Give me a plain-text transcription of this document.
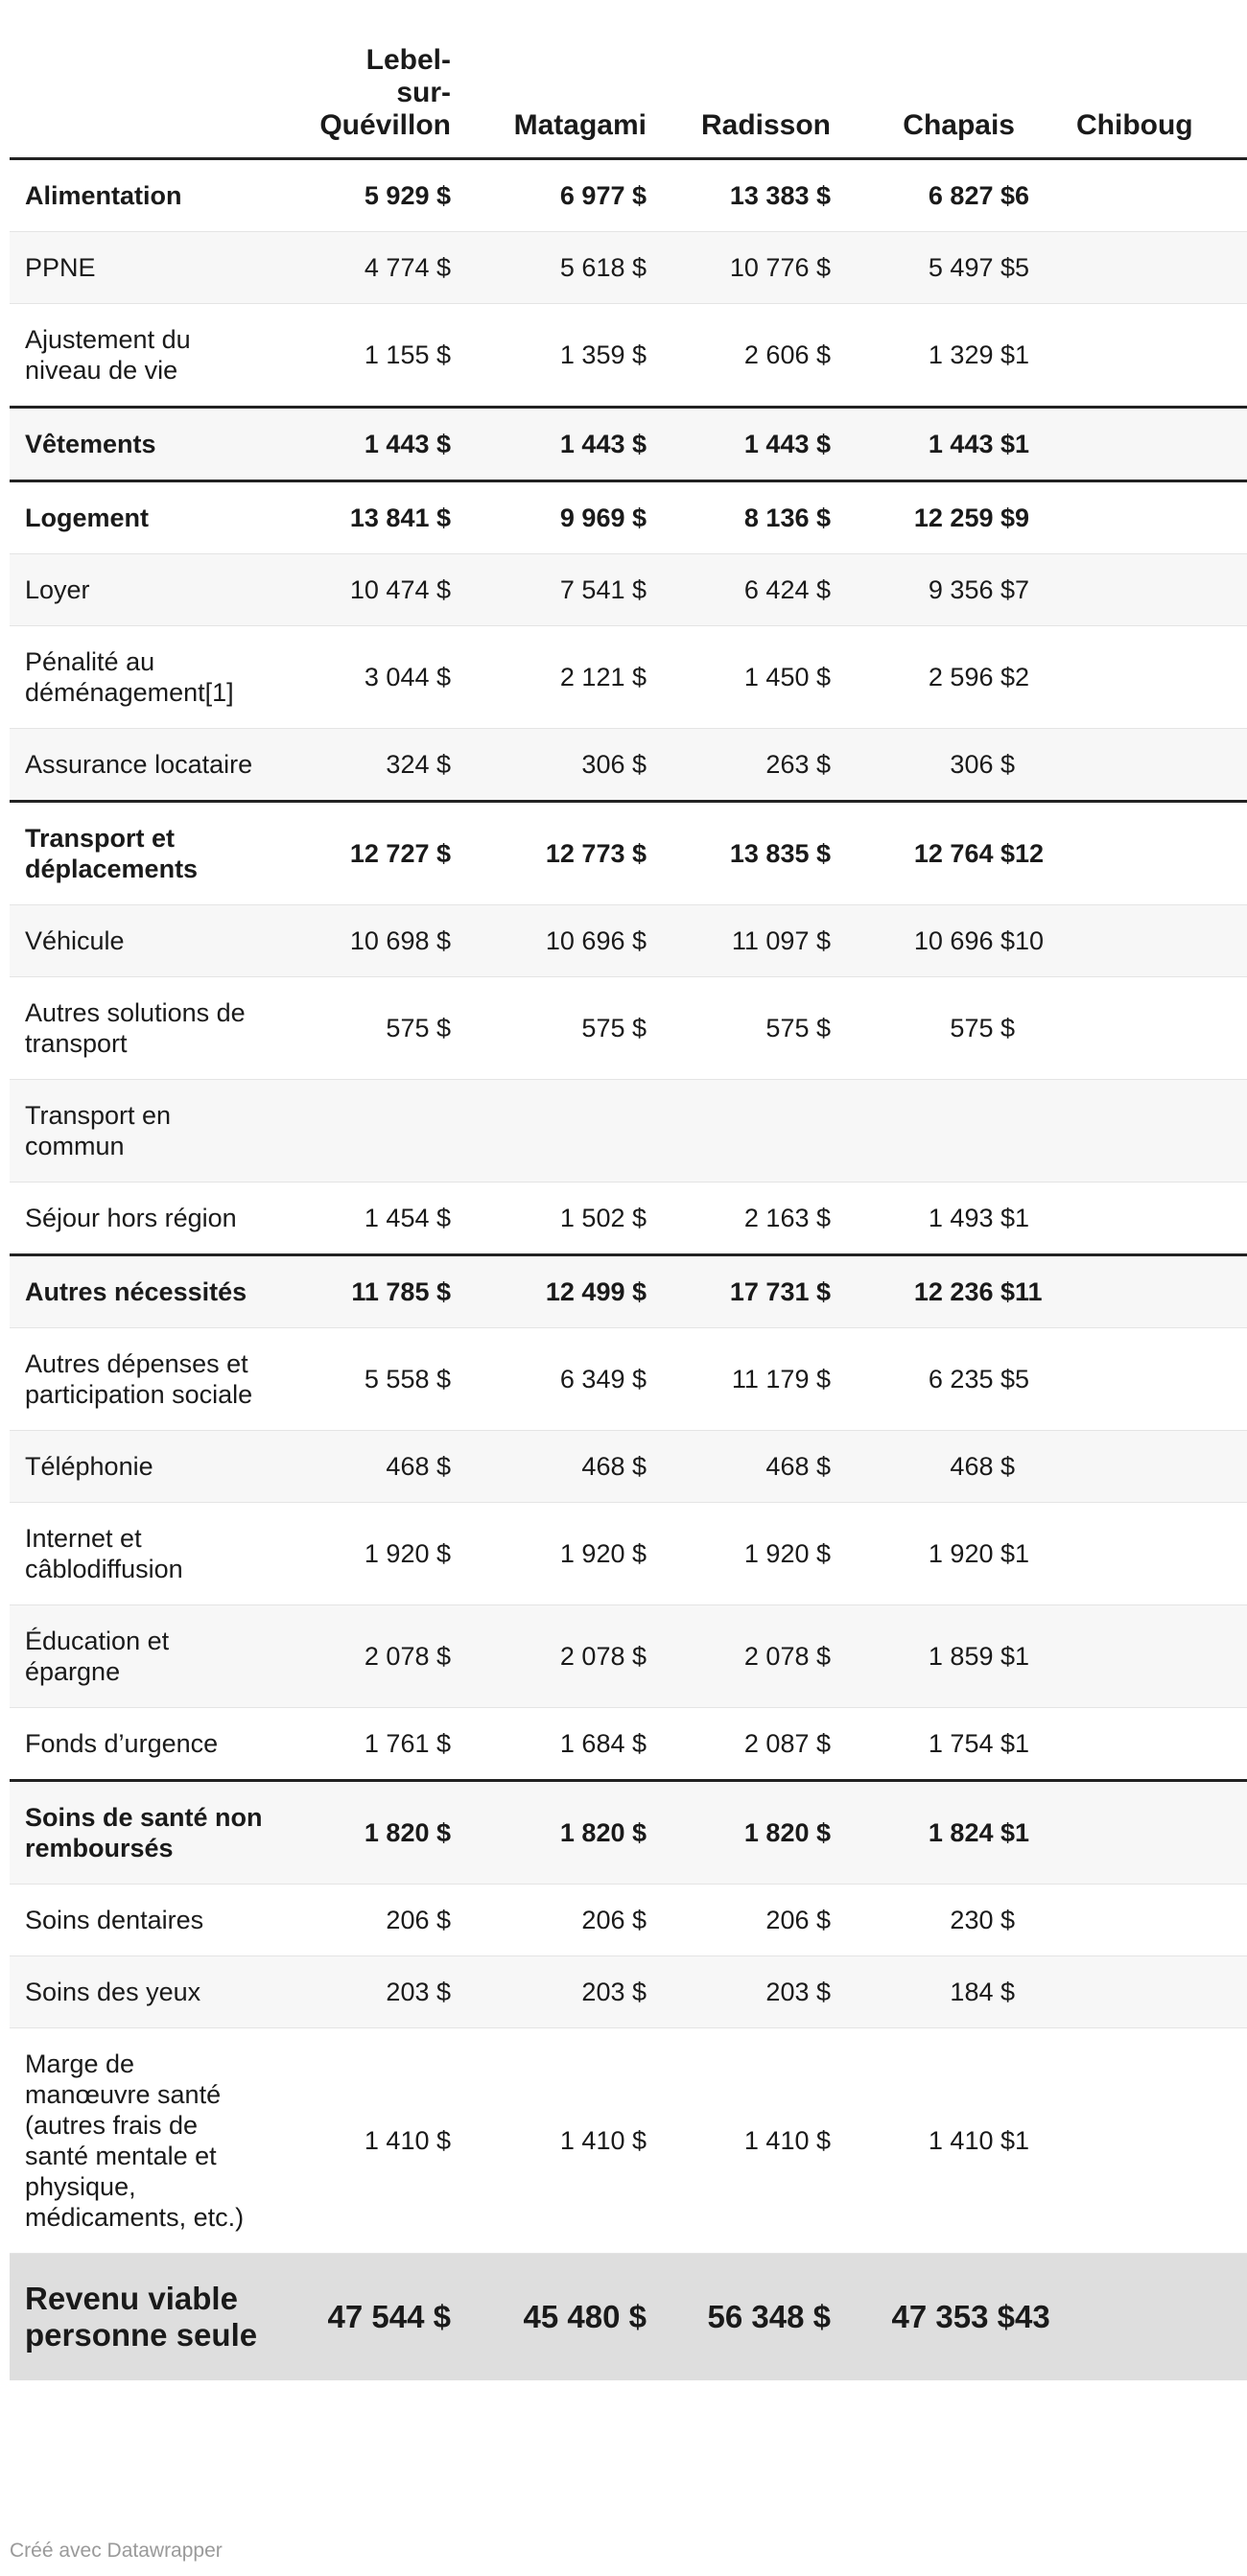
	Lebel-
sur-
Quévillon	Matagami	Radisson	Chapais	Chiboug
Alimentation	5 929 $	6 977 $	13 383 $	6 827 $	6
PPNE	4 774 $	5 618 $	10 776 $	5 497 $	5
Ajustement du niveau de vie	1 155 $	1 359 $	2 606 $	1 329 $	1
Vêtements	1 443 $	1 443 $	1 443 $	1 443 $	1
Logement	13 841 $	9 969 $	8 136 $	12 259 $	9
Loyer	10 474 $	7 541 $	6 424 $	9 356 $	7
Pénalité au déménagement[1]	3 044 $	2 121 $	1 450 $	2 596 $	2
Assurance locataire	324 $	306 $	263 $	306 $	
Transport et déplacements	12 727 $	12 773 $	13 835 $	12 764 $	12
Véhicule	10 698 $	10 696 $	11 097 $	10 696 $	10
Autres solutions de transport	575 $	575 $	575 $	575 $	
Transport en commun					
Séjour hors région	1 454 $	1 502 $	2 163 $	1 493 $	1
Autres nécessités	11 785 $	12 499 $	17 731 $	12 236 $	11
Autres dépenses et participation sociale	5 558 $	6 349 $	11 179 $	6 235 $	5
Téléphonie	468 $	468 $	468 $	468 $	
Internet et câblodiffusion	1 920 $	1 920 $	1 920 $	1 920 $	1
Éducation et épargne	2 078 $	2 078 $	2 078 $	1 859 $	1
Fonds d’urgence	1 761 $	1 684 $	2 087 $	1 754 $	1
Soins de santé non remboursés	1 820 $	1 820 $	1 820 $	1 824 $	1
Soins dentaires	206 $	206 $	206 $	230 $	
Soins des yeux	203 $	203 $	203 $	184 $	
Marge de manœuvre santé (autres frais de santé mentale et physique, médicaments, etc.)	1 410 $	1 410 $	1 410 $	1 410 $	1
Revenu viable personne seule	47 544 $	45 480 $	56 348 $	47 353 $	43
Créé avec Datawrapper
